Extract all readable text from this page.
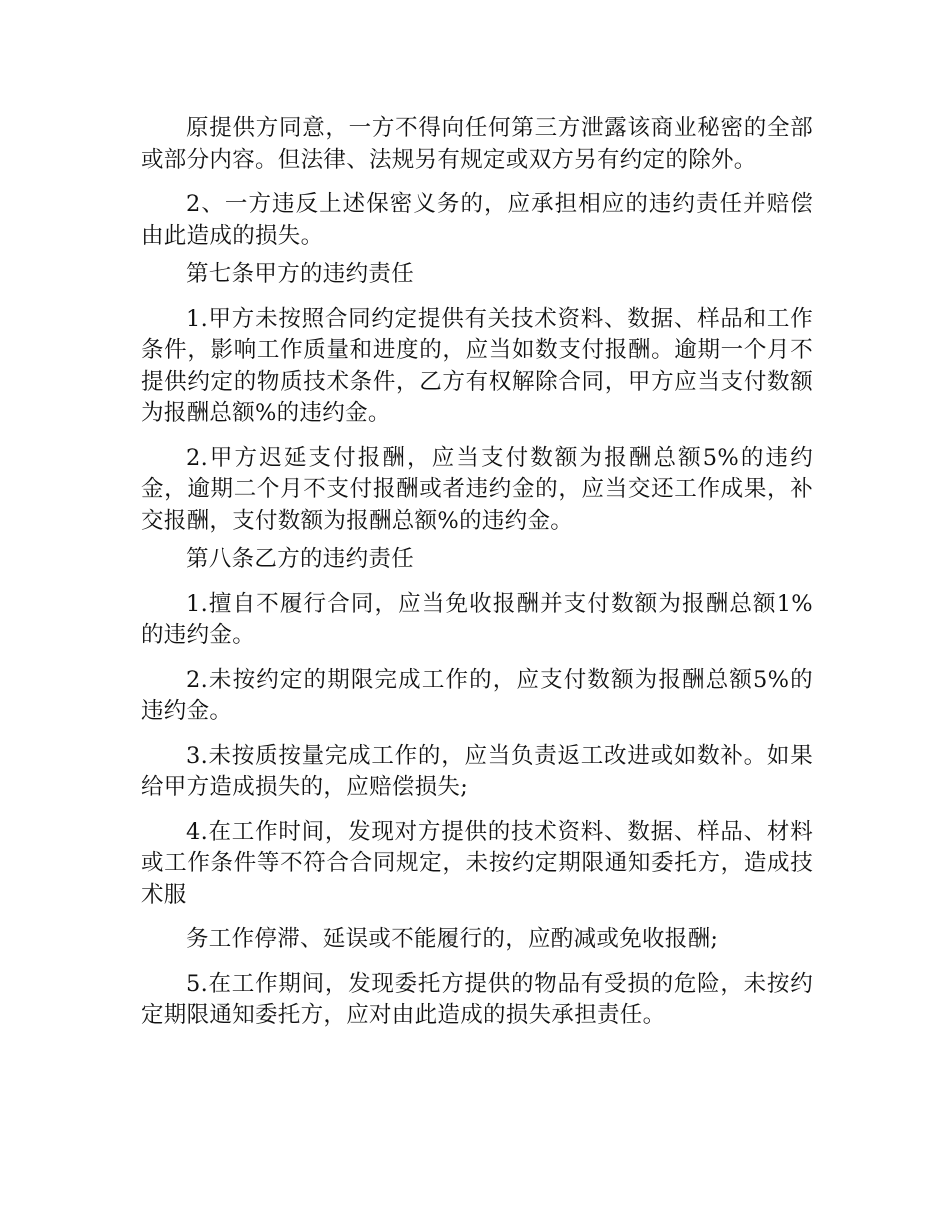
原提供方同意，一方不得向任何第三方泄露该商业秘密的全部或部分内容。但法律、法规另有规定或双方另有约定的除外。

2、一方违反上述保密义务的，应承担相应的违约责任并赔偿由此造成的损失。

第七条甲方的违约责任

1.甲方未按照合同约定提供有关技术资料、数据、样品和工作条件，影响工作质量和进度的，应当如数支付报酬。逾期一个月不提供约定的物质技术条件，乙方有权解除合同，甲方应当支付数额为报酬总额%的违约金。

2.甲方迟延支付报酬，应当支付数额为报酬总额5%的违约金，逾期二个月不支付报酬或者违约金的，应当交还工作成果，补交报酬，支付数额为报酬总额%的违约金。

第八条乙方的违约责任

1.擅自不履行合同，应当免收报酬并支付数额为报酬总额1%的违约金。

2.未按约定的期限完成工作的，应支付数额为报酬总额5%的违约金。

3.未按质按量完成工作的，应当负责返工改进或如数补。如果给甲方造成损失的，应赔偿损失;

4.在工作时间，发现对方提供的技术资料、数据、样品、材料或工作条件等不符合合同规定，未按约定期限通知委托方，造成技术服

务工作停滞、延误或不能履行的，应酌减或免收报酬;

5.在工作期间，发现委托方提供的物品有受损的危险，未按约定期限通知委托方，应对由此造成的损失承担责任。
